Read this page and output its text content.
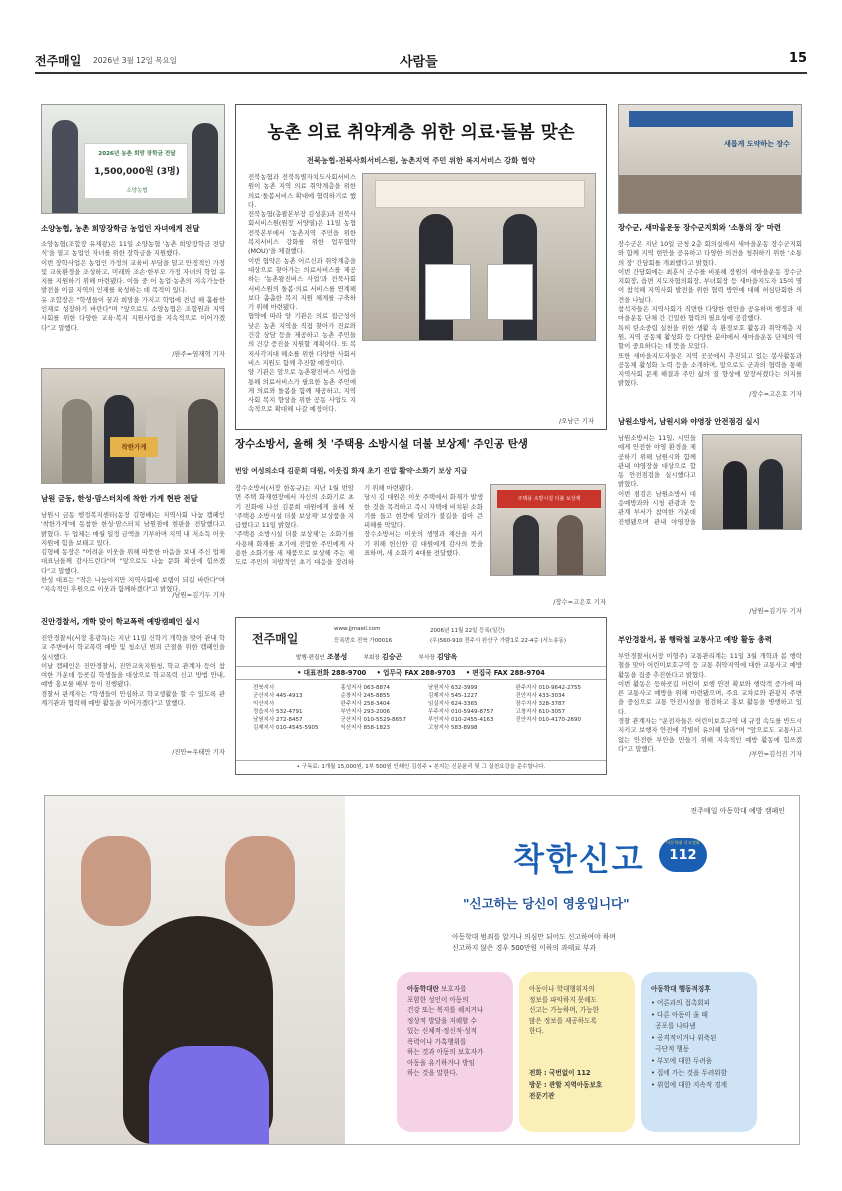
전주매일 2026년 3월 12일 목요일	사람들	15
2026년 농촌 희망 장학금 전달
1,500,000원 (3명)
소양농협
소양농협, 농촌 희망장학금 농업인 자녀에게 전달
소양농협(조합장 유재광)은 11일 소양농협 '농촌 희망장학금 전달식'을 열고 농업인 자녀를 위한 장학금을 지원했다.
이번 장학사업은 농업인 가정의 교육비 부담을 덜고 안정적인 가정 및 교육환경을 조성하고, 미래와 조손·한부모 가정 자녀의 학업 유지를 지원하기 위해 마련됐다. 이들 중 어 농업·농촌의 지속가능한 발전을 이끌 지역의 인재를 육성하는 데 목적이 있다.
유 조합장은 "학생들이 꿈과 희망을 가지고 학업에 전념 해 훌륭한 인재로 성장하기 바란다"며 "앞으로도 소양농협은 조합원과 지역사회를 위한 다양한 교육·복지 지원사업을 지속적으로 이어가겠다"고 말했다.
/완주=염재혁 기자
착한가게
남원 금동, 한성·맘스터치에 착한 가게 현판 전달
남원시 금동 행정복지센터(동장 김형배)는 지역사회 나눔 캠페인 '착한가게'에 동참한 한성·맘스터치 남원점에 현판을 전달했다고 밝혔다. 두 업체는 매월 일정 금액을 기부하며 지역 내 저소득 이웃 지원에 힘을 보태고 있다.
김형배 동장은 "어려운 이웃을 위해 따뜻한 마음을 보내 주신 업체 대표님들께 감사드린다"며 "앞으로도 나눔 문화 확산에 힘쓰겠다"고 말했다.
한성 대표는 "작은 나눔이지만 지역사회에 보탬이 되길 바란다"며 "지속적인 후원으로 이웃과 함께하겠다"고 밝혔다.
/남원=김기두 기자
진안경찰서, 개학 맞이 학교폭력 예방캠페인 실시
진안경찰서(서장 홍광득)는 지난 11일 신학기 개학을 맞아 관내 학교 주변에서 학교폭력 예방 및 청소년 범죄 근절을 위한 캠페인을 실시했다.
이날 캠페인은 진안경찰서, 진안교육지원청, 학교 관계자 등이 참여한 가운데 등굣길 학생들을 대상으로 학교폭력 신고 방법 안내, 예방 홍보물 배부 등이 진행됐다.
경찰서 관계자는 "학생들이 안심하고 학교생활을 할 수 있도록 관계기관과 협력해 예방 활동을 이어가겠다"고 말했다.
/진안=우태만 기자
농촌 의료 취약계층 위한 의료·돌봄 맞손
전북농협-전북사회서비스원, 농촌지역 주민 위한 복지서비스 강화 협약
전북농협과 전북특별자치도사회서비스원이 농촌 지역 의료 취약계층을 위한 의료·돌봄서비스 확대에 협력하기로 했다.
전북농협(총괄본부장 김성훈)과 전북사회서비스원(원장 서양열)은 11일 농협전북본부에서 '농촌지역 주민을 위한 복지서비스 강화를 위한 업무협약(MOU)'을 체결했다.
이번 협약은 농촌 어르신과 취약계층을 대상으로 찾아가는 의료서비스를 제공하는 '농촌왕진버스 사업'과 전북사회서비스원의 돌봄·의료 서비스를 연계해 보다 촘촘한 복지 지원 체계를 구축하기 위해 마련됐다.
협약에 따라 양 기관은 의료 접근성이 낮은 농촌 지역을 직접 찾아가 진료와 건강 상담 등을 제공하고 농촌 주민들의 건강 증진을 지원할 계획이다. 또 복지사각지대 해소를 위한 다양한 사회서비스 지원도 함께 추진할 예정이다.
양 기관은 앞으로 농촌왕진버스 사업을 통해 의료서비스가 필요한 농촌 주민에게 의료와 돌봄을 함께 제공하고, 지역사회 복지 향상을 위한 공동 사업도 지속적으로 확대해 나갈 예정이다.

/오남근 기자
장수소방서, 올해 첫 '주택용 소방시설 더불 보상제' 주인공 탄생
번암 여성의소대 김문희 대원, 이웃집 화재 초기 진압 활약·소화기 보상 지급
장수소방서(서장 한동규)는 지난 1월 번암면 주택 화재현장에서 자신의 소화기로 초기 진화에 나선 김문희 대원에게 올해 첫 '주택용 소방시설 더불 보상제' 보상품을 지급했다고 11일 밝혔다.
'주택용 소방시설 더불 보상제'는 소화기를 사용해 화재를 초기에 진압한 주민에게 사용한 소화기를 새 제품으로 보상해 주는 제도로 주민의 자발적인 초기 대응을 장려하기 위해 마련됐다.
당시 김 대원은 이웃 주택에서 화재가 발생한 것을 목격하고 즉시 자택에 비치된 소화기를 들고 현장에 달려가 불길을 잡아 큰 피해를 막았다.
장수소방서는 이웃의 생명과 재산을 지키기 위해 헌신한 김 대원에게 감사의 뜻을 표하며, 새 소화기 4대를 전달했다.
주택용 소방시설 더불 보상제
/장수=고은호 기자
전주매일
www.jjmaeil.com
등록번호 전북 가00016
2006년 11월 22일 등록(일간)
(우)560-910 전주시 완산구 가람1로 22-4층 (서노송동)
발행·편집인 조봉성	부회장 김승곤	부사장 김양옥
• 대표전화 288-9700 • 업무국 FAX 288-9703 • 편집국 FAX 288-9704
전북지사	홍성지사 063-8874	남원지사 632-3999	완주지사 010-9642-2755
군산지사 445-4913	순창지사 245-8855	김제지사 545-1227	진안지사 433-3034
익산지사	완주지사 258-3404	임실지사 624-3365	장수지사 328-3787
정읍지사 532-4791	부안지사 293-2006	무주지사 010-5949-8757	고창지사 610-3057
남원지사 272-8457	군산지사 010-5529-8657	부안지사 010-2455-4163	진안지사 010-4170-2690
김제지사 010-4545-5905	익산지사 858-1823	고창지사 583-8998	
• 구독료: 1개월 15,000원, 1부 500원 인쇄인 김성주 • 본지는 신문윤리 및 그 실천요강을 준수합니다.
새롭게 도약하는 장수
장수군, 새마을운동 장수군지회와 '소통의 장' 마련
장수군은 지난 10일 군청 2층 회의실에서 새마을운동 장수군지회와 함께 지역 현안을 공유하고 다양한 의견을 청취하기 위한 '소통의 장' 간담회를 개최했다고 밝혔다.
이번 간담회에는 최훈식 군수를 비롯해 장원의 새마을운동 장수군지회장, 읍면 지도자협의회장, 부녀회장 등 새마을지도자 15여 명이 참석해 지역사회 발전을 위한 협력 방안에 대해 허심탄회한 의견을 나눴다.
참석자들은 지역사회가 직면한 다양한 현안을 공유하며 행정과 새마을운동 단체 간 긴밀한 협력의 필요성에 공감했다.
특히 탄소중립 실천을 위한 생활 속 환경보호 활동과 취약계층 지원, 지역 공동체 활성화 등 다양한 분야에서 새마을운동 단체의 역할이 중요하다는 데 뜻을 모았다.
또한 새마을지도자들은 지역 곳곳에서 추진되고 있는 봉사활동과 공동체 활성화 노력 등을 소개하며, 앞으로도 군과의 협력을 통해 지역사회 문제 해결과 주민 삶의 질 향상에 앞장서겠다는 의지를 밝혔다.
/장수=고은호 기자
남원소방서, 남원시와 야영장 안전점검 실시
남원소방서는 11일, 시민들에게 안전한 야영 환경을 제공하기 위해 남원시와 함께 관내 야영장을 대상으로 합동 안전점검을 실시했다고 밝혔다.
이번 점검은 남원소방서 대응예방과와 시청 관광과 등 관계 부서가 참여한 가운데 진행됐으며 관내 야영장을

/남원=김기두 기자
부안경찰서, 봄 행락철 교통사고 예방 활동 총력
부안경찰서(서장 이형주) 교통관리계는 11일 3월 개학과 봄 행락철을 맞아 어린이보호구역 등 교통 취약지역에 대한 교통사고 예방 활동을 집중 추진한다고 밝혔다.
이번 활동은 등하굣길 어린이 보행 안전 확보와 행락객 증가에 따른 교통사고 예방을 위해 마련됐으며, 주요 교차로와 관광지 주변을 중심으로 교통 안전시설을 점검하고 홍보 활동을 병행하고 있다.
경찰 관계자는 "운전자들은 어린이보호구역 내 규정 속도를 반드시 지키고 보행자 안전에 각별히 유의해 달라"며 "앞으로도 교통사고 없는 안전한 부안을 만들기 위해 지속적인 예방 활동에 힘쓰겠다"고 말했다.
/부안=김석진 기자
전주매일 아동학대 예방 캠페인
착한신고	아동학대 신고전화
112
"신고하는 당신이 영웅입니다"
아동학대 범죄를 알거나 의심만 되어도 신고하여야 하며
신고하지 않은 경우 500만원 이하의 과태료 부과
아동학대란 보호자를
포함한 성인이 아동의
건강 또는 복지를 해치거나
정상적 발달을 저해할 수
있는 신체적·정신적·성적
폭력이나 가혹행위를
하는 것과 아동의 보호자가
아동을 유기하거나 방임
하는 것을 말한다.
아동이나 학대행위자의
정보를 파악하지 못해도
신고는 가능하며, 가능한
많은 정보를 제공하도록
한다.
전화 : 국번없이 112
방문 : 관할 지역아동보호
전문기관
아동학대 행동적징후
• 어른과의 접촉회피
• 다른 아동이 울 때
공포를 나타냄
• 공격적이거나 위축된
극단적 행동
• 부모에 대한 두려움
• 집에 가는 것을 두려워함
• 위험에 대한 지속적 경계
